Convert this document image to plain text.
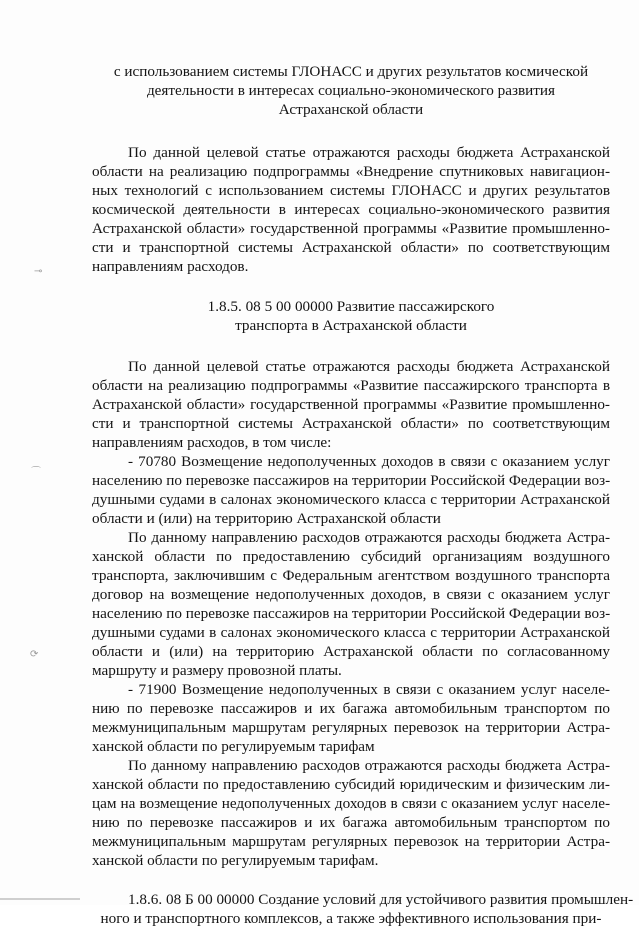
⊸
⌒
⟳
с использованием системы ГЛОНАСС и других результатов космической
деятельности в интересах социально-экономического развития
Астраханской области
По данной целевой статье отражаются расходы бюджета Астраханской
области на реализацию подпрограммы «Внедрение спутниковых навигацион-
ных технологий с использованием системы ГЛОНАСС и других результатов
космической деятельности в интересах социально-экономического развития
Астраханской области» государственной программы «Развитие промышленно-
сти и транспортной системы Астраханской области» по соответствующим
направлениям расходов.
1.8.5. 08 5 00 00000 Развитие пассажирского
транспорта в Астраханской области
По данной целевой статье отражаются расходы бюджета Астраханской
области на реализацию подпрограммы «Развитие пассажирского транспорта в
Астраханской области» государственной программы «Развитие промышленно-
сти и транспортной системы Астраханской области» по соответствующим
направлениям расходов, в том числе:
- 70780 Возмещение недополученных доходов в связи с оказанием услуг
населению по перевозке пассажиров на территории Российской Федерации воз-
душными судами в салонах экономического класса с территории Астраханской
области и (или) на территорию Астраханской области
По данному направлению расходов отражаются расходы бюджета Астра-
ханской области по предоставлению субсидий организациям воздушного
транспорта, заключившим с Федеральным агентством воздушного транспорта
договор на возмещение недополученных доходов, в связи с оказанием услуг
населению по перевозке пассажиров на территории Российской Федерации воз-
душными судами в салонах экономического класса с территории Астраханской
области и (или) на территорию Астраханской области по согласованному
маршруту и размеру провозной платы.
- 71900 Возмещение недополученных в связи с оказанием услуг населе-
нию по перевозке пассажиров и их багажа автомобильным транспортом по
межмуниципальным маршрутам регулярных перевозок на территории Астра-
ханской области по регулируемым тарифам
По данному направлению расходов отражаются расходы бюджета Астра-
ханской области по предоставлению субсидий юридическим и физическим ли-
цам на возмещение недополученных доходов в связи с оказанием услуг населе-
нию по перевозке пассажиров и их багажа автомобильным транспортом по
межмуниципальным маршрутам регулярных перевозок на территории Астра-
ханской области по регулируемым тарифам.
1.8.6. 08 Б 00 00000 Создание условий для устойчивого развития промышлен-
ного и транспортного комплексов, а также эффективного использования при-
